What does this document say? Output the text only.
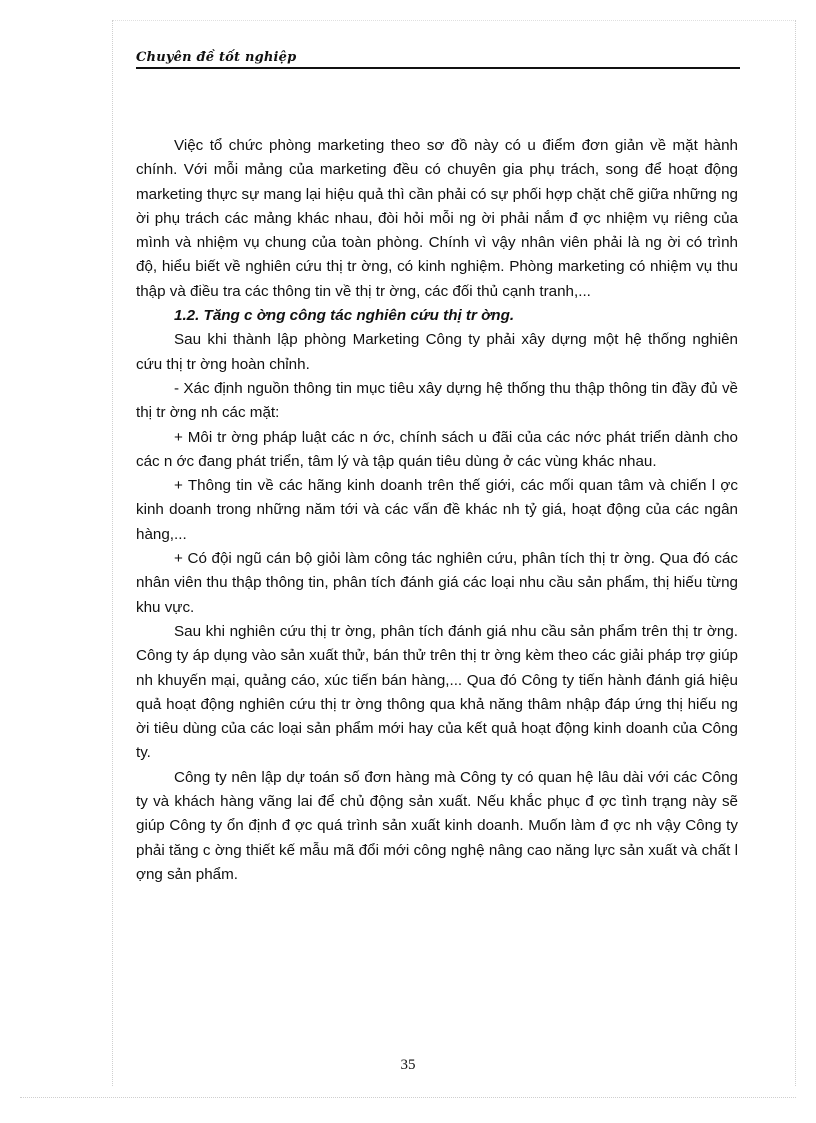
Chuyên đề tốt nghiệp

Việc tổ chức phòng marketing theo sơ đồ này có u điểm đơn giản về mặt hành chính. Với mỗi mảng của marketing đều có chuyên gia phụ trách, song để hoạt động marketing thực sự mang lại hiệu quả thì cần phải có sự phối hợp chặt chẽ giữa những ng ời phụ trách các mảng khác nhau, đòi hỏi mỗi ng ời phải nắm đ ợc nhiệm vụ riêng của mình và nhiệm vụ chung của toàn phòng. Chính vì vậy nhân viên phải là ng ời có trình độ, hiểu biết về nghiên cứu thị tr ờng, có kinh nghiệm. Phòng marketing có nhiệm vụ thu thập và điều tra các thông tin về thị tr ờng, các đối thủ cạnh tranh,...

1.2. Tăng c ờng công tác nghiên cứu thị tr ờng.

Sau khi thành lập phòng Marketing Công ty phải xây dựng một hệ thống nghiên cứu thị tr ờng hoàn chỉnh.

- Xác định nguồn thông tin mục tiêu xây dựng hệ thống thu thập thông tin đầy đủ về thị tr ờng nh các mặt:

+ Môi tr ờng pháp luật các n ớc, chính sách u đãi của các nớc phát triển dành cho các n ớc đang phát triển, tâm lý và tập quán tiêu dùng ở các vùng khác nhau.

+ Thông tin về các hãng kinh doanh trên thế giới, các mối quan tâm và chiến l ợc kinh doanh trong những năm tới và các vấn đề khác nh tỷ giá, hoạt động của các ngân hàng,...

+ Có đội ngũ cán bộ giỏi làm công tác nghiên cứu, phân tích thị tr ờng. Qua đó các nhân viên thu thập thông tin, phân tích đánh giá các loại nhu cầu sản phẩm, thị hiếu từng khu vực.

Sau khi nghiên cứu thị tr ờng, phân tích đánh giá nhu cầu sản phẩm trên thị tr ờng. Công ty áp dụng vào sản xuất thử, bán thử trên thị tr ờng kèm theo các giải pháp trợ giúp nh khuyến mại, quảng cáo, xúc tiến bán hàng,... Qua đó Công ty tiến hành đánh giá hiệu quả hoạt động nghiên cứu thị tr ờng thông qua khả năng thâm nhập đáp ứng thị hiếu ng ời tiêu dùng của các loại sản phẩm mới hay của kết quả hoạt động kinh doanh của Công ty.

Công ty nên lập dự toán số đơn hàng mà Công ty có quan hệ lâu dài với các Công ty và khách hàng vãng lai để chủ động sản xuất. Nếu khắc phục đ ợc tình trạng này sẽ giúp Công ty ổn định đ ợc quá trình sản xuất kinh doanh. Muốn làm đ ợc nh vậy Công ty phải tăng c ờng thiết kế mẫu mã đổi mới công nghệ nâng cao năng lực sản xuất và chất l ợng sản phẩm.

35
